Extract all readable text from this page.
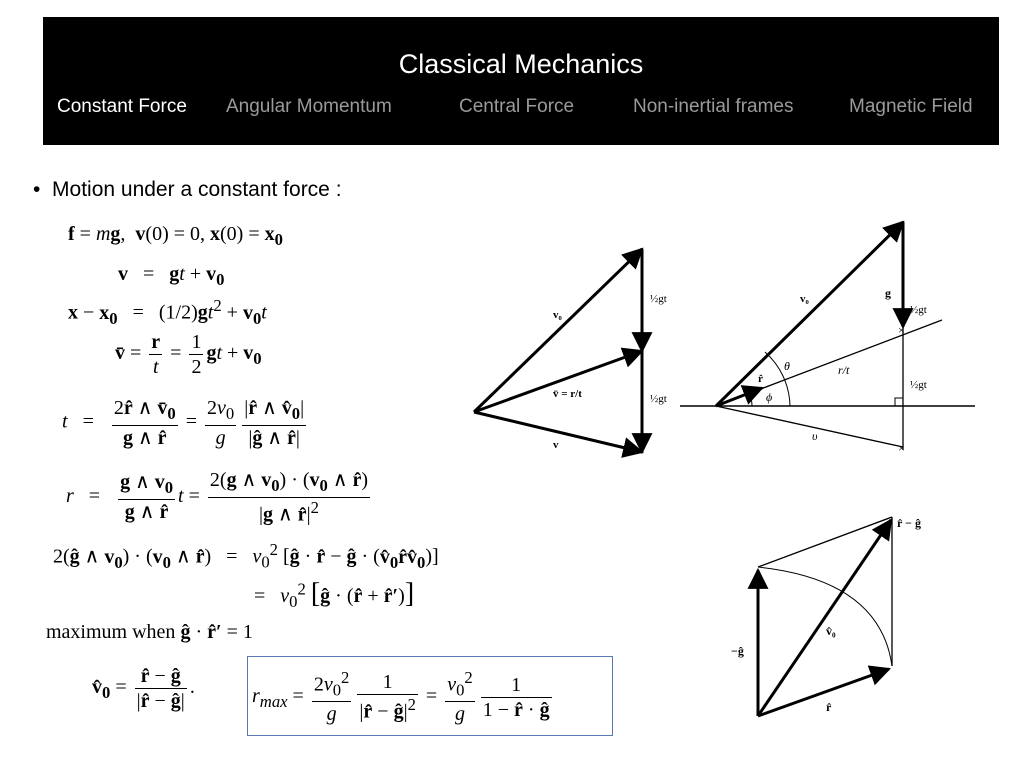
Classical Mechanics
Constant Force Angular Momentum	Central Force	Non-inertial frames	Magnetic Field
• Motion under a constant force :
f = mg,  v(0) = 0, $x(0) = x_0$
v   =   gt + $v_0$
$x - x_0 = (1/2)gt^2 + v_0t$
v̄ = $\frac{r}{t} = \frac{1}{2}$ gt + $v_0$
$t = \frac{2r̂ \wedge v̄_0}{g \wedge r̂} = \frac{2v_0}{g} \frac{|r̂ \wedge v̂_0|}{|ĝ \wedge r̂|}$
$r = \frac{g \wedge v_0}{g \wedge r̂}$ $t = \frac{2(g \wedge v_0) \cdot (v_0 \wedge r̂)}{|g \wedge r̂|^2}$
2(ĝ ∧ $v_0) \cdot (v_0$ ∧ r̂)   =   $v_0^2$ [ĝ · r̂ − ĝ · $(v̂_0r̂v̂_0)$]
=   $v_0^2$ [ĝ · (r̂ + r̂′)]
maximum when ĝ · r̂′ = 1
$v̂_0 = \frac{r̂ - ĝ}{|r̂ - ĝ|}$ .	$r_{max} = \frac{2v_0^2}{g} \frac{1}{|r̂ - ĝ|^2} = \frac{v_0^2}{g} \frac{1}{1 - r̂ \cdot ĝ}$
v₀
½gt
v̄ = r/t	½gt
v
×
×
v₀	g
½gt
θ
r̂
r/t
ϕ
½gt
υ
r̂ − ĝ
−ĝ
v̂₀
r̂
